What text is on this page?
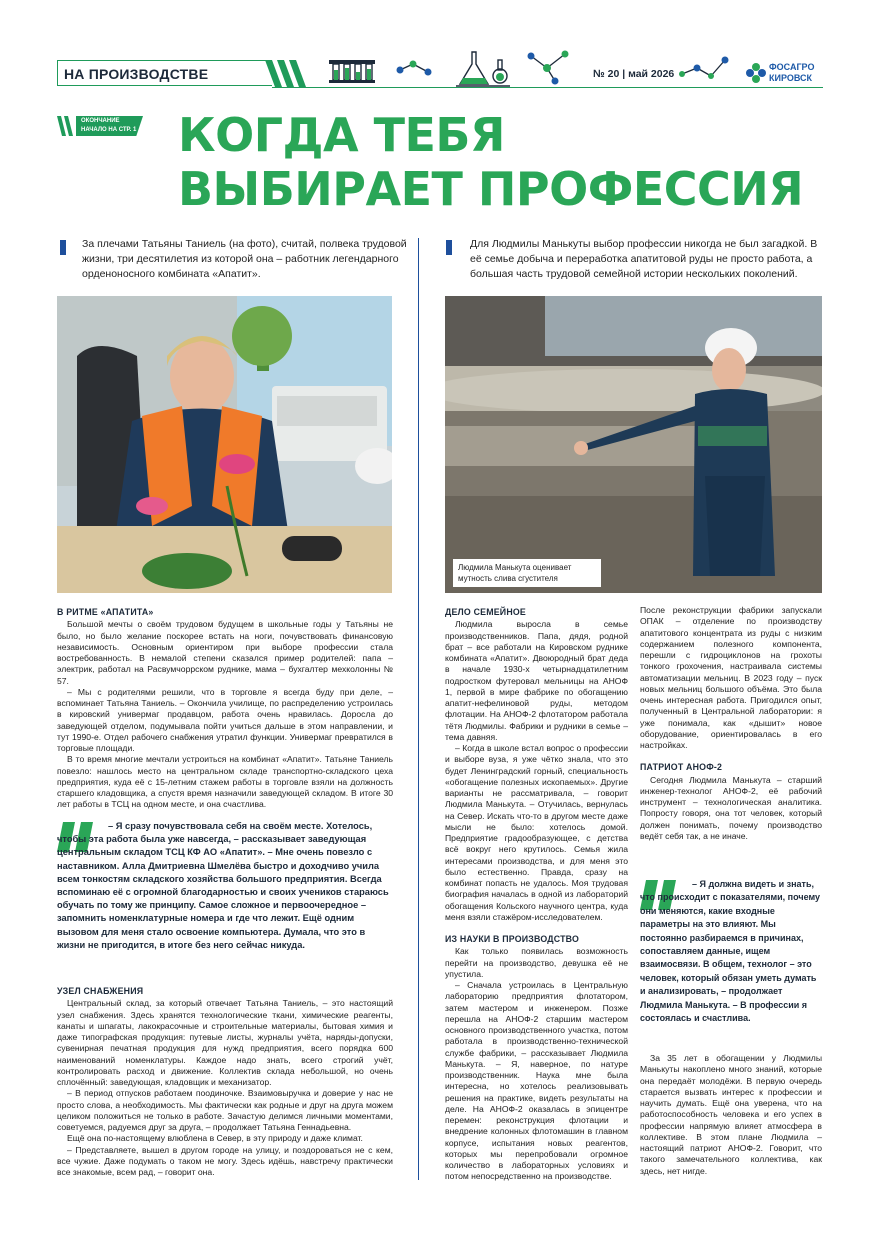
НА ПРОИЗВОДСТВЕ	№ 20 | май 2026
ФОСАГРО
КИРОВСК
ОКОНЧАНИЕ
НАЧАЛО НА СТР. 1 КОГДА ТЕБЯ
ВЫБИРАЕТ ПРОФЕССИЯ
За плечами Татьяны Таниель (на фото), считай, полвека трудовой жизни, три десятилетия из которой она – работник легендарного орденоносного комбината «Апатит».
Для Людмилы Манькуты выбор профессии никогда не был загадкой. В её семье добыча и переработка апатитовой руды не просто работа, а большая часть трудовой семейной истории нескольких поколений.
Людмила Манькута оценивает мутность слива сгустителя
В РИТМЕ «АПАТИТА»

Большой мечты о своём трудовом будущем в школьные годы у Татьяны не было, но было желание поскорее встать на ноги, почувствовать финансовую независимость. Основным ориентиром при выборе профессии стала востребованность. В немалой степени сказался пример родителей: папа – электрик, работал на Расвумчоррском руднике, мама – бухгалтер мехколонны № 57.

– Мы с родителями решили, что в торговле я всегда буду при деле, – вспоминает Татьяна Таниель. – Окончила училище, по распределению устроилась в кировский универмаг продавцом, работа очень нравилась. Доросла до заведующей отделом, подумывала пойти учиться дальше в этом направлении, и тут 1990-е. Отдел рабочего снабжения утратил функции. Универмаг превратился в торговые площади.

В то время многие мечтали устроиться на комбинат «Апатит». Татьяне Таниель повезло: нашлось место на центральном складе транспортно-складского цеха предприятия, куда её с 15-летним стажем работы в торговле взяли на должность старшего кладовщика, а спустя время назначили заведующей складом. В итоге 30 лет работы в ТСЦ на одном месте, и она счастлива.

– Я сразу почувствовала себя на своём месте. Хотелось, чтобы эта работа была уже навсегда, – рассказывает заведующая центральным складом ТСЦ КФ АО «Апатит». – Мне очень повезло с наставником. Алла Дмитриевна Шмелёва быстро и доходчиво учила всем тонкостям складского хозяйства большого предприятия. Всегда вспоминаю её с огромной благодарностью и своих учеников стараюсь обучать по тому же принципу. Самое сложное и первоочередное – запомнить номенклатурные номера и где что лежит. Ещё одним вызовом для меня стало освоение компьютера. Думала, что это в жизни не пригодится, в итоге без него сейчас никуда.
УЗЕЛ СНАБЖЕНИЯ

Центральный склад, за который отвечает Татьяна Таниель, – это настоящий узел снабжения. Здесь хранятся технологические ткани, химические реагенты, канаты и шпагаты, лакокрасочные и строительные материалы, бытовая химия и даже типографская продукция: путевые листы, журналы учёта, наряды-допуски, сувенирная печатная продукция для нужд предприятия, всего порядка 600 наименований номенклатуры. Каждое надо знать, всего строгий учёт, контролировать расход и движение. Коллектив склада небольшой, но очень сплочённый: заведующая, кладовщик и механизатор.

– В период отпусков работаем поодиночке. Взаимовыручка и доверие у нас не просто слова, а необходимость. Мы фактически как родные и друг на друга можем целиком положиться не только в работе. Зачастую делимся личными моментами, советуемся, радуемся друг за друга, – продолжает Татьяна Геннадьевна.

Ещё она по-настоящему влюблена в Север, в эту природу и даже климат.

– Представляете, вышел в другом городе на улицу, и поздороваться не с кем, все чужие. Даже подумать о таком не могу. Здесь идёшь, навстречу практически все знакомые, всем рад, – говорит она.

ДЕЛО СЕМЕЙНОЕ

Людмила выросла в семье производственников. Папа, дядя, родной брат – все работали на Кировском руднике комбината «Апатит». Двоюродный брат деда в начале 1930-х четырнадцатилетним подростком футеровал мельницы на АНОФ 1, первой в мире фабрике по обогащению апатит-нефелиновой руды, методом флотации. На АНОФ-2 флотатором работала тётя Людмилы. Фабрики и рудники в семье – тема давняя.

– Когда в школе встал вопрос о профессии и выборе вуза, я уже чётко знала, что это будет Ленинградский горный, специальность «обогащение полезных ископаемых». Другие варианты не рассматривала, – говорит Людмила Манькута. – Отучилась, вернулась на Север. Искать что-то в другом месте даже мысли не было: хотелось домой. Предприятие градообразующее, с детства всё вокруг него крутилось. Семья жила интересами производства, и для меня это было естественно. Правда, сразу на комбинат попасть не удалось. Моя трудовая биография началась в одной из лабораторий обогащения Кольского научного центра, куда меня взяли стажёром-исследователем.

ИЗ НАУКИ В ПРОИЗВОДСТВО

Как только появилась возможность перейти на производство, девушка её не упустила.

– Сначала устроилась в Центральную лабораторию предприятия флотатором, затем мастером и инженером. Позже перешла на АНОФ-2 старшим мастером основного производственного участка, потом работала в производственно-технической службе фабрики, – рассказывает Людмила Манькута. – Я, наверное, по натуре производственник. Наука мне была интересна, но хотелось реализовывать решения на практике, видеть результаты на деле. На АНОФ-2 оказалась в эпицентре перемен: реконструкция флотации и внедрение колонных флотомашин в главном корпусе, испытания новых реагентов, которых мы перепробовали огромное количество в лабораторных условиях и потом непосредственно на производстве.

После реконструкции фабрики запускали ОПАК – отделение по производству апатитового концентрата из руды с низким содержанием полезного компонента, перешли с гидроциклонов на грохоты тонкого грохочения, настраивала системы автоматизации мельниц. В 2023 году – пуск новых мельниц большого объёма. Это была очень интересная работа. Пригодился опыт, полученный в Центральной лаборатории: я уже понимала, как «дышит» новое оборудование, ориентировалась в его настройках.

ПАТРИОТ АНОФ-2

Сегодня Людмила Манькута – старший инженер-технолог АНОФ-2, её рабочий инструмент – технологическая аналитика. Попросту говоря, она тот человек, который должен понимать, почему производство ведёт себя так, а не иначе.

– Я должна видеть и знать, что происходит с показателями, почему они меняются, какие входные параметры на это влияют. Мы постоянно разбираемся в причинах, сопоставляем данные, ищем взаимосвязи. В общем, технолог – это человек, который обязан уметь думать и анализировать, – продолжает Людмила Манькута. – В профессии я состоялась и счастлива.

За 35 лет в обогащении у Людмилы Манькуты накоплено много знаний, которые она передаёт молодёжи. В первую очередь старается вызвать интерес к профессии и научить думать. Ещё она уверена, что на работоспособность человека и его успех в профессии напрямую влияет атмосфера в коллективе. В этом плане Людмила – настоящий патриот АНОФ-2. Говорит, что такого замечательного коллектива, как здесь, нет нигде.
